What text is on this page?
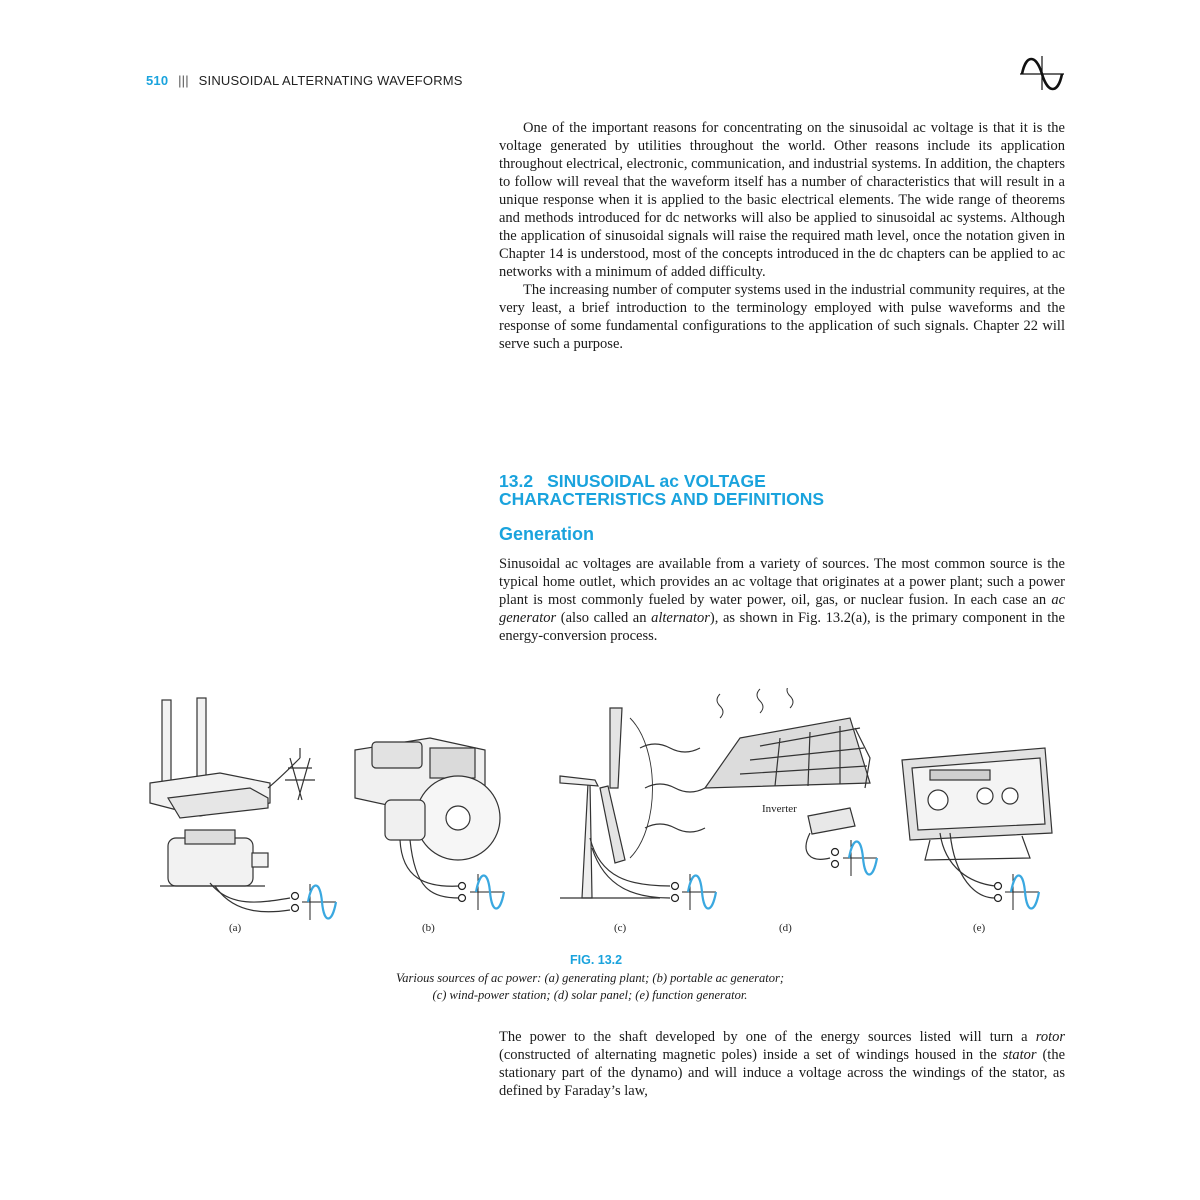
510 ||| SINUSOIDAL ALTERNATING WAVEFORMS

One of the important reasons for concentrating on the sinusoidal ac voltage is that it is the voltage generated by utilities throughout the world. Other reasons include its application throughout electrical, electronic, communication, and industrial systems. In addition, the chapters to follow will reveal that the waveform itself has a number of characteristics that will result in a unique response when it is applied to the basic electrical elements. The wide range of theorems and methods introduced for dc networks will also be applied to sinusoidal ac systems. Although the application of sinusoidal signals will raise the required math level, once the notation given in Chapter 14 is understood, most of the concepts introduced in the dc chapters can be applied to ac networks with a minimum of added difficulty.

The increasing number of computer systems used in the industrial community requires, at the very least, a brief introduction to the terminology employed with pulse waveforms and the response of some fundamental configurations to the application of such signals. Chapter 22 will serve such a purpose.

13.2 SINUSOIDAL ac VOLTAGE
CHARACTERISTICS AND DEFINITIONS
Generation

Sinusoidal ac voltages are available from a variety of sources. The most common source is the typical home outlet, which provides an ac voltage that originates at a power plant; such a power plant is most commonly fueled by water power, oil, gas, or nuclear fusion. In each case an ac generator (also called an alternator), as shown in Fig. 13.2(a), is the primary component in the energy-conversion process.

Inverter
(a)	(b)	(c)	(d)	(e)
FIG. 13.2
Various sources of ac power: (a) generating plant; (b) portable ac generator;
(c) wind-power station; (d) solar panel; (e) function generator.

The power to the shaft developed by one of the energy sources listed will turn a rotor (constructed of alternating magnetic poles) inside a set of windings housed in the stator (the stationary part of the dynamo) and will induce a voltage across the windings of the stator, as defined by Faraday’s law,
